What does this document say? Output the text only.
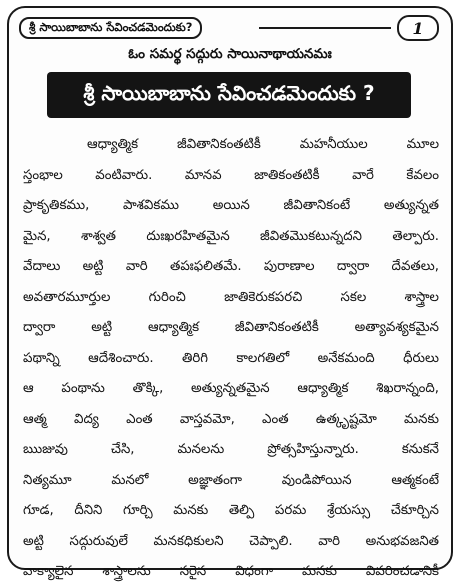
శ్రీ సాయిబాబాను సేవించడమెందుకు?	1
ఓం సమర్థ సద్గురు సాయినాథాయనమః
శ్రీ సాయిబాబాను సేవించడమెందుకు ?
ఆధ్యాత్మిక జీవితానికంతటికీ మహనీయుల మూల
స్తంభాల వంటివారు. మానవ జాతికంతటికీ వారే కేవలం
ప్రాకృతికము, పాశవికము అయిన జీవితానికంటే అత్యున్నత
మైన, శాశ్వత దుఃఖరహితమైన జీవితమొకటున్నదని తెల్పారు.
వేదాలు అట్టి వారి తపఃఫలితమే. పురాణాల ద్వారా దేవతలు,
అవతారమూర్తుల గురించి జాతికెరుకపరచి సకల శాస్త్రాల
ద్వారా అట్టి ఆధ్యాత్మిక జీవితానికంతటికీ అత్యావశ్యకమైన
పథాన్ని ఆదేశించారు. తిరిగి కాలగతిలో అనేకమంది ధీరులు
ఆ పంథాను తొక్కి, అత్యున్నతమైన ఆధ్యాత్మిక శిఖరాన్నంది,
ఆత్మ విద్య ఎంత వాస్తవమో, ఎంత ఉత్కృష్టమో మనకు
ఋజువు చేసి, మనలను ప్రోత్సహిస్తున్నారు. కనుకనే
నిత్యమూ మనలో అజ్ఞాతంగా వుండిపోయిన ఆత్మకంటే
గూడ, దీనిని గూర్చి మనకు తెల్పి పరమ శ్రేయస్సు చేకూర్చిన
అట్టి సద్గురువులే మనకధికులని చెప్పాలి. వారి అనుభవజనిత
వాక్యాలైన శాస్త్రాలను సరైన విధంగా మనకు వివరించడానికీ
